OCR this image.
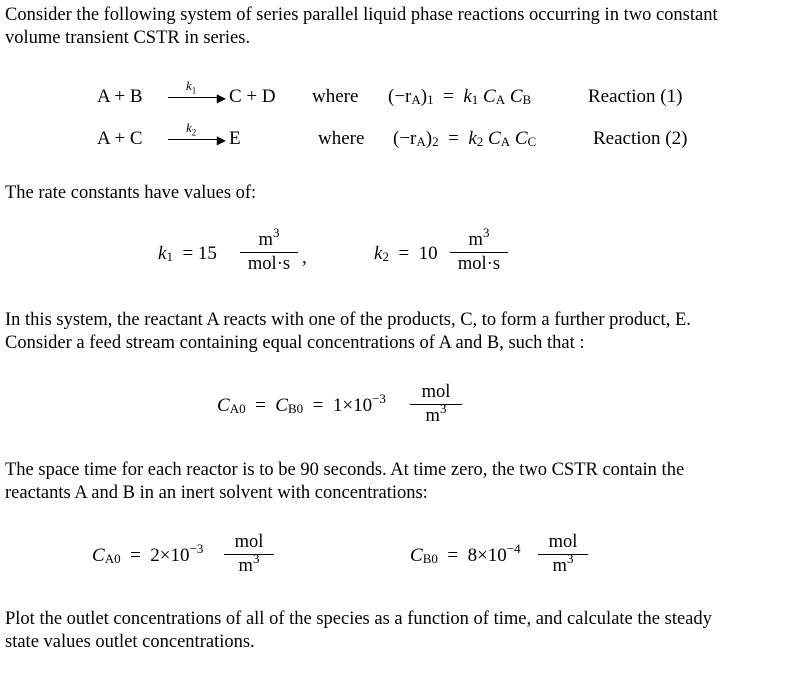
Consider the following system of series parallel liquid phase reactions occurring in two constant

volume transient CSTR in series.

A + B
$k_1$
▶ C + D where $(-r_A)_1 = k_1$ $C_A$ $C_B$	Reaction (1)
A + C
$k_2$
▶ E	where $(-r_A)_2 = k_2$ $C_A$ $C_C$	Reaction (2)
The rate constants have values of:
$k_1 = 15$
$m^3$
mol·s ,	$k_2 = 10$
$m^3$
mol·s

In this system, the reactant A reacts with one of the products, C, to form a further product, E.

Consider a feed stream containing equal concentrations of A and B, such that :

$C_{A0} = C_{B0} = 1\times 10^{-3}$	mol
$m^3$

The space time for each reactor is to be 90 seconds. At time zero, the two CSTR contain the

reactants A and B in an inert solvent with concentrations:

$C_{A0} = 2\times 10^{-3}$	mol
$m^3$	$C_{B0} = 8\times 10^{-4}$	mol
$m^3$

Plot the outlet concentrations of all of the species as a function of time, and calculate the steady

state values outlet concentrations.
